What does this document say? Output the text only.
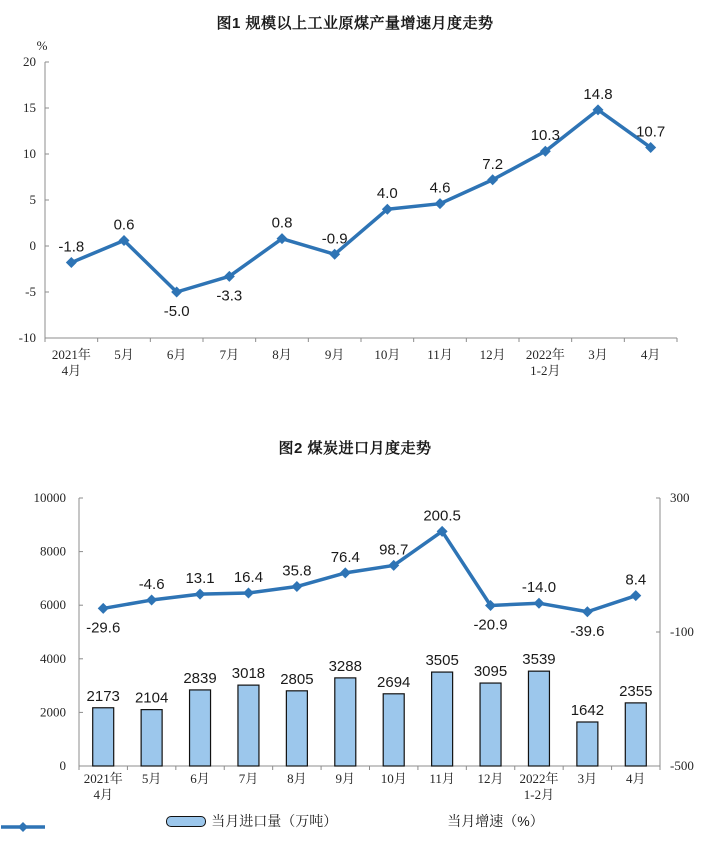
图1 规模以上工业原煤产量增速月度走势
20
15
10
5
0
-5
-10
%
2021年
4月
5月	6月	7月	8月	9月 10月 11月 12月 2022年
1-2月
3月	4月
-1.8
0.6
-5.0
-3.3
0.8
-0.9
4.0 4.6
7.2
10.3
14.8
10.7
图2 煤炭进口月度走势
10000
8000
6000
4000
2000
0
300
-100
-500
2021年
4月
5月 6月 7月 8月 9月 10月 11月 12月 2022年
1-2月
3月 4月
2173 2104
2839 3018 2805
3288
2694
3505
3095
3539
1642
2355
-29.6
-4.6 13.1 16.4 35.8
76.4 98.7
200.5
-20.9
-14.0
-39.6
8.4
当月进口量（万吨）	当月增速（%）
